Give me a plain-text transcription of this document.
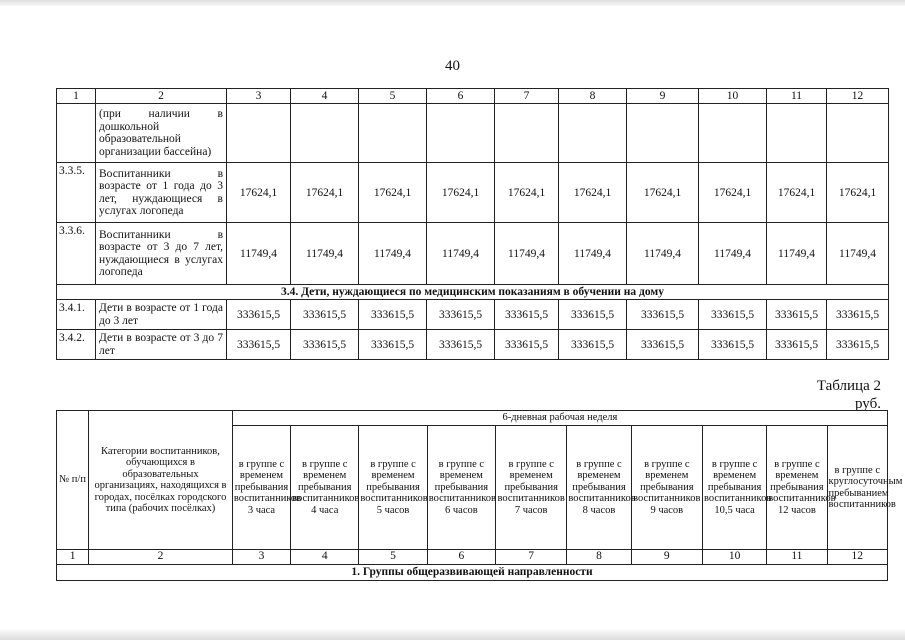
40
1	2	3	4	5	6	7	8	9	10	11	12
	(при наличии в дошкольной образовательной организации бассейна)										
3.3.5.	Воспитанники в возрасте от 1 года до 3 лет, нуждающиеся в услугах логопеда	17624,1	17624,1	17624,1	17624,1	17624,1	17624,1	17624,1	17624,1	17624,1	17624,1
3.3.6.	Воспитанники в возрасте от 3 до 7 лет, нуждающиеся в услугах логопеда	11749,4	11749,4	11749,4	11749,4	11749,4	11749,4	11749,4	11749,4	11749,4	11749,4
3.4. Дети, нуждающиеся по медицинским показаниям в обучении на дому											
3.4.1.	Дети в возрасте от 1 года до 3 лет	333615,5	333615,5	333615,5	333615,5	333615,5	333615,5	333615,5	333615,5	333615,5	333615,5
3.4.2.	Дети в возрасте от 3 до 7 лет	333615,5	333615,5	333615,5	333615,5	333615,5	333615,5	333615,5	333615,5	333615,5	333615,5
Таблица 2
руб.
№ п/п	Категории воспитанников, обучающихся в образовательных организациях, находящихся в городах, посёлках городского типа (рабочих посёлках)	6-дневная рабочая неделя									
		в группе с временем пребывания воспитанников 3 часа	в группе с временем пребывания воспитанников 4 часа	в группе с временем пребывания воспитанников 5 часов	в группе с временем пребывания воспитанников 6 часов	в группе с временем пребывания воспитанников 7 часов	в группе с временем пребывания воспитанников 8 часов	в группе с временем пребывания воспитанников 9 часов	в группе с временем пребывания воспитанников 10,5 часа	в группе с временем пребывания воспитанников 12 часов	в группе с круглосуточным пребыванием воспитанников
1	2	3	4	5	6	7	8	9	10	11	12
1. Группы общеразвивающей направленности											
